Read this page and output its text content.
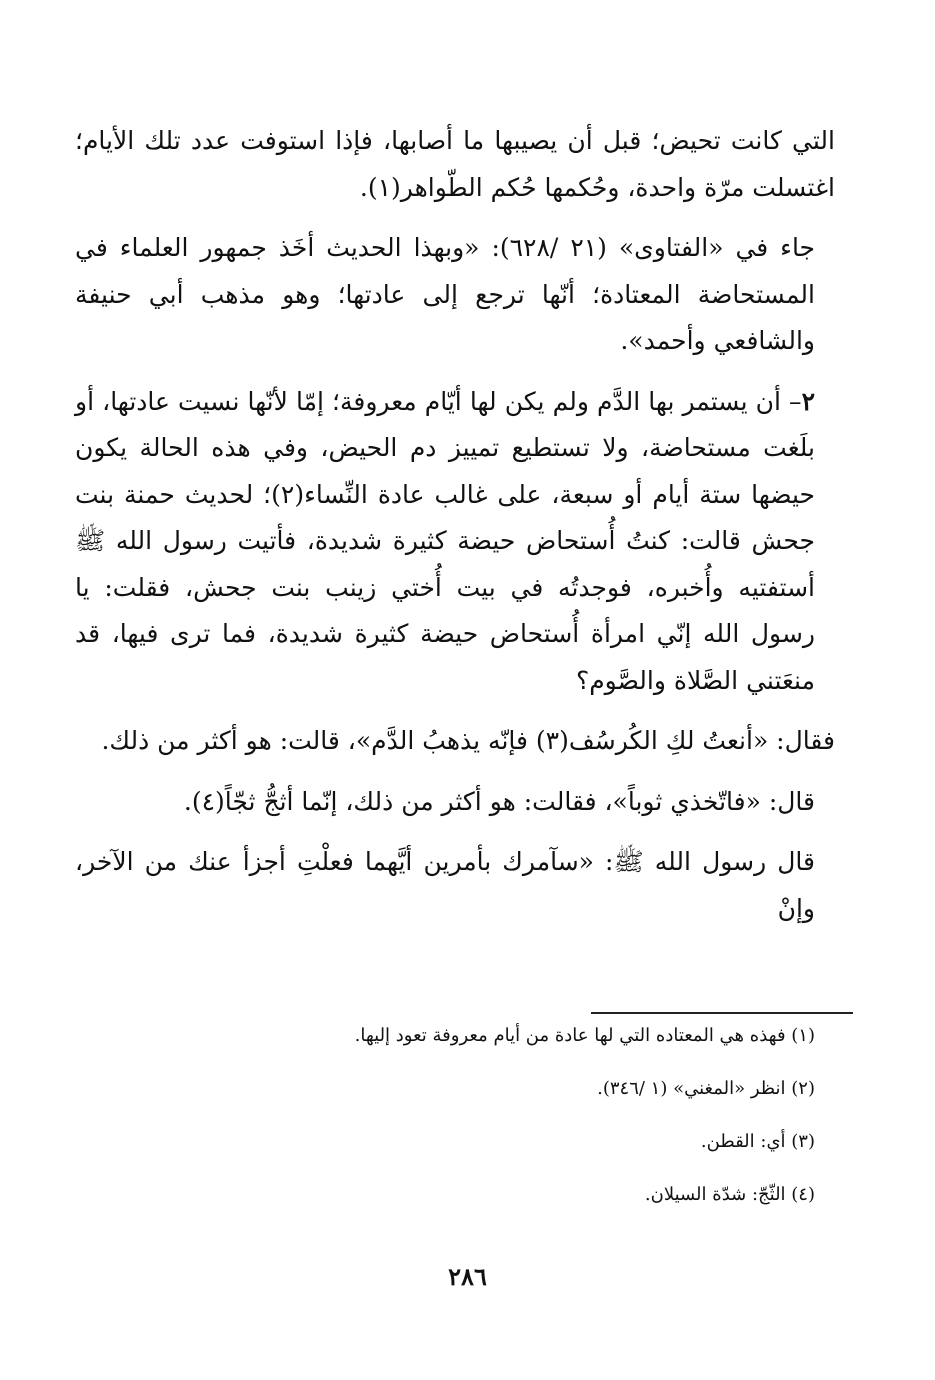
التي كانت تحيض؛ قبل أن يصيبها ما أصابها، فإذا استوفت عدد تلك الأيام؛ اغتسلت مرّة واحدة، وحُكمها حُكم الطّواهر(١).

جاء في «الفتاوى» (٢١ /٦٢٨): «وبهذا الحديث أخَذ جمهور العلماء في المستحاضة المعتادة؛ أنّها ترجع إلى عادتها؛ وهو مذهب أبي حنيفة والشافعي وأحمد».

٢– أن يستمر بها الدَّم ولم يكن لها أيّام معروفة؛ إمّا لأنّها نسيت عادتها، أو بلَغت مستحاضة، ولا تستطيع تمييز دم الحيض، وفي هذه الحالة يكون حيضها ستة أيام أو سبعة، على غالب عادة النِّساء(٢)؛ لحديث حمنة بنت جحش قالت: كنتُ أُستحاض حيضة كثيرة شديدة، فأتيت رسول الله ﷺ أستفتيه وأُخبره، فوجدتُه في بيت أُختي زينب بنت جحش، فقلت: يا رسول الله إنّي امرأة أُستحاض حيضة كثيرة شديدة، فما ترى فيها، قد منعَتني الصَّلاة والصَّوم؟

فقال: «أنعتُ لكِ الكُرسُف(٣) فإنّه يذهبُ الدَّم»، قالت: هو أكثر من ذلك.

قال: «فاتّخذي ثوباً»، فقالت: هو أكثر من ذلك، إنّما أثجُّ ثجّاً(٤).

قال رسول الله ﷺ: «سآمرك بأمرين أيَّهما فعلْتِ أجزأ عنك من الآخر، وإنْ

(١) فهذه هي المعتاده التي لها عادة من أيام معروفة تعود إليها.

(٢) انظر «المغني» (١ /٣٤٦).

(٣) أي: القطن.

(٤) الثّجّ: شدّة السيلان.

٢٨٦
